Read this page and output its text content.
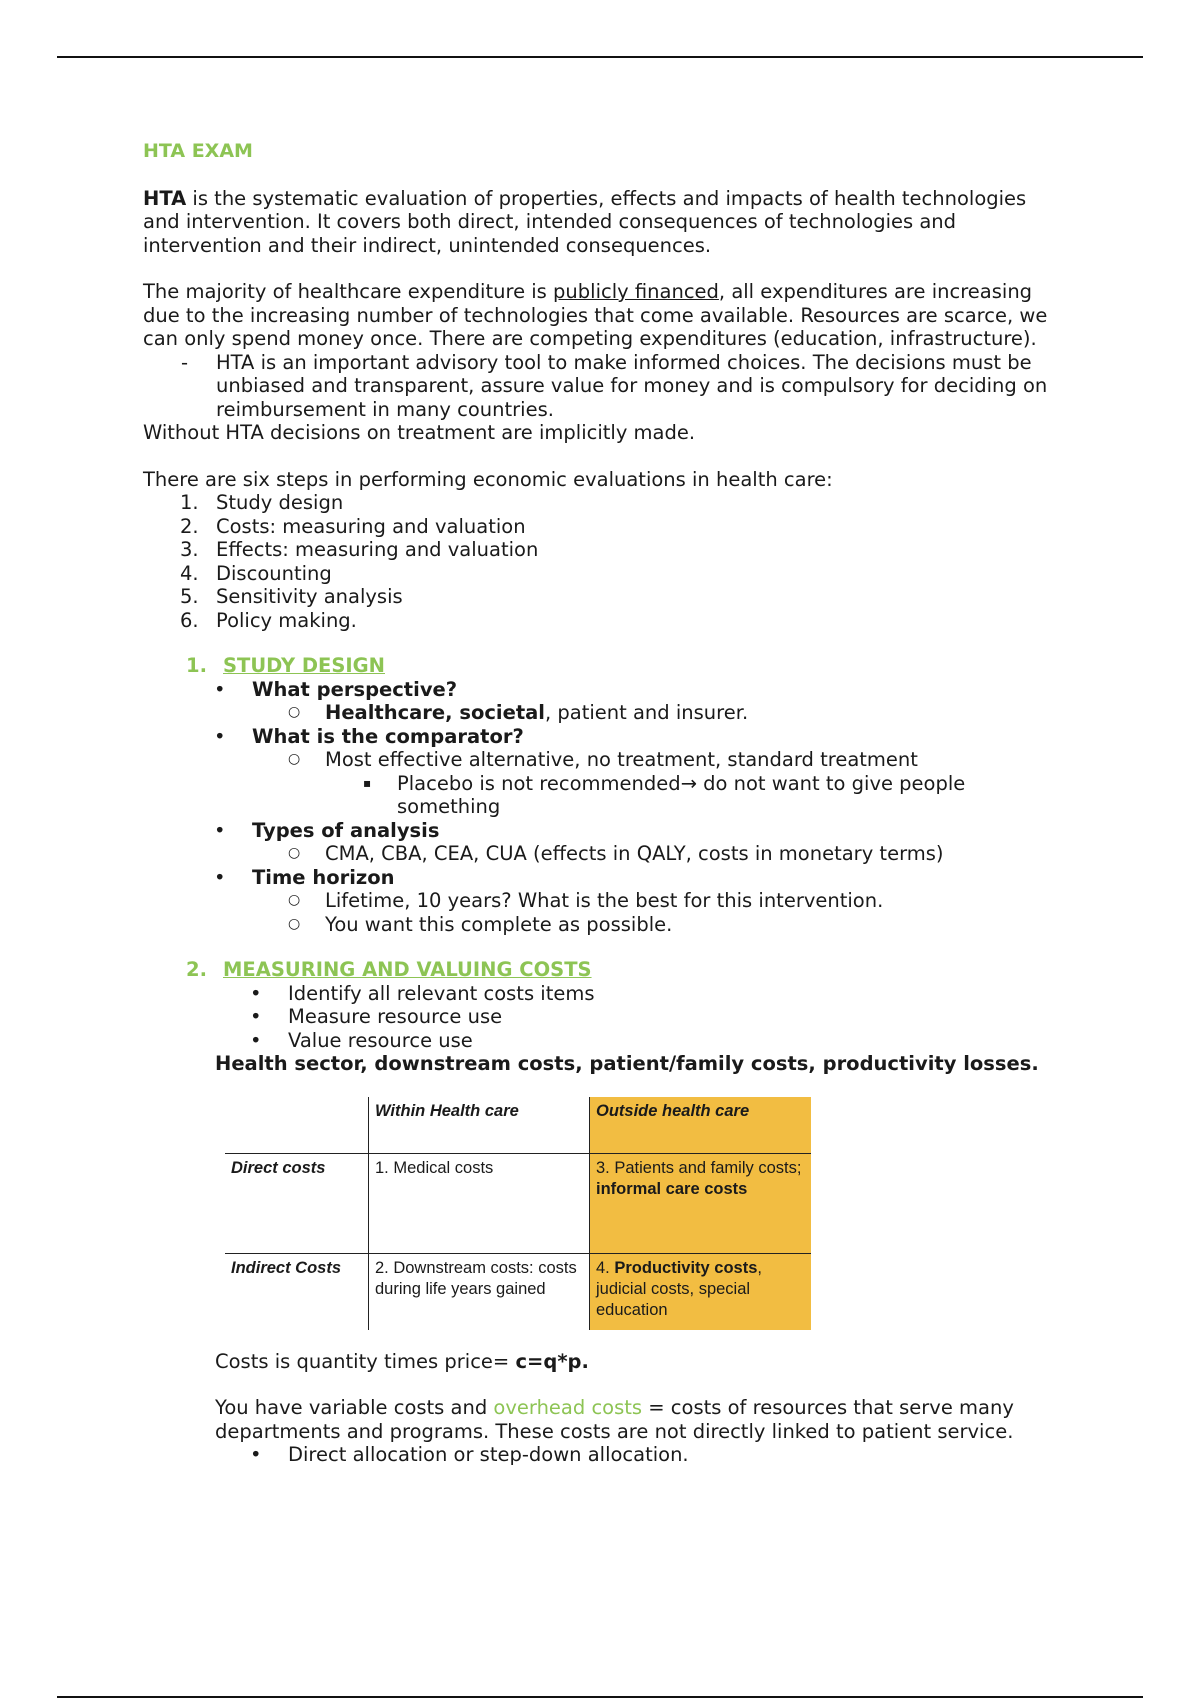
HTA EXAM

HTA is the systematic evaluation of properties, effects and impacts of health technologies and intervention. It covers both direct, intended consequences of technologies and intervention and their indirect, unintended consequences.

The majority of healthcare expenditure is publicly financed, all expenditures are increasing due to the increasing number of technologies that come available. Resources are scarce, we can only spend money once. There are competing expenditures (education, infrastructure).

- HTA is an important advisory tool to make informed choices. The decisions must be unbiased and transparent, assure value for money and is compulsory for deciding on reimbursement in many countries.

Without HTA decisions on treatment are implicitly made.

There are six steps in performing economic evaluations in health care:

1. Study design
2. Costs: measuring and valuation
3. Effects: measuring and valuation
4. Discounting
5. Sensitivity analysis
6. Policy making.
1. STUDY DESIGN
• What perspective?
○ Healthcare, societal, patient and insurer.
• What is the comparator?
○ Most effective alternative, no treatment, standard treatment
▪ Placebo is not recommended→ do not want to give people something
• Types of analysis
○ CMA, CBA, CEA, CUA (effects in QALY, costs in monetary terms)
• Time horizon
○ Lifetime, 10 years? What is the best for this intervention.
○ You want this complete as possible.
2. MEASURING AND VALUING COSTS
• Identify all relevant costs items
• Measure resource use
• Value resource use

Health sector, downstream costs, patient/family costs, productivity losses.

	Within Health care	Outside health care
Direct costs	1. Medical costs	3. Patients and family costs; informal care costs
Indirect Costs	2. Downstream costs: costs during life years gained	4. Productivity costs, judicial costs, special education

Costs is quantity times price= c=q*p.

You have variable costs and overhead costs = costs of resources that serve many departments and programs. These costs are not directly linked to patient service.

• Direct allocation or step-down allocation.
